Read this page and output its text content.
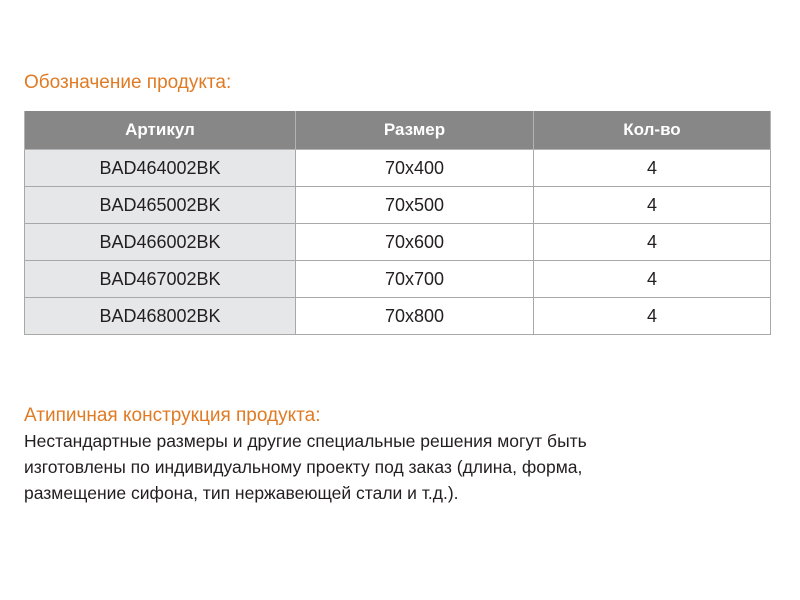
Обозначение продукта:
Артикул	Размер	Кол-во
BAD464002BK	70x400	4
BAD465002BK	70x500	4
BAD466002BK	70x600	4
BAD467002BK	70x700	4
BAD468002BK	70x800	4
Атипичная конструкция продукта:

Нестандартные размеры и другие специальные решения могут быть
изготовлены по индивидуальному проекту под заказ (длина, форма,
размещение сифона, тип нержавеющей стали и т.д.).
